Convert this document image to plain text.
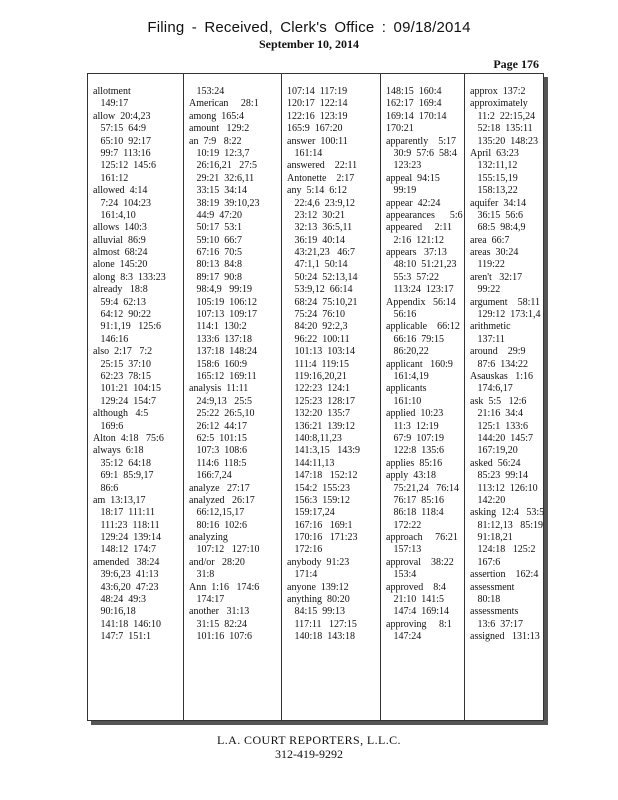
Filing - Received, Clerk's Office : 09/18/2014
September 10, 2014
Page 176
allotment
149:17
allow  20:4,23
57:15  64:9
65:10  92:17
99:7  113:16
125:12  145:6
161:12
allowed  4:14
7:24  104:23
161:4,10
allows  140:3
alluvial  86:9
almost  68:24
alone  145:20
along  8:3  133:23
already   18:8
59:4  62:13
64:12  90:22
91:1,19   125:6
146:16
also  2:17   7:2
25:15  37:10
62:23  78:15
101:21  104:15
129:24  154:7
although   4:5
169:6
Alton  4:18   75:6
always  6:18
35:12  64:18
69:1  85:9,17
86:6
am  13:13,17
18:17  111:11
111:23  118:11
129:24  139:14
148:12  174:7
amended   38:24
39:6,23  41:13
43:6,20  47:23
48:24  49:3
90:16,18
141:18  146:10
147:7  151:1
153:24
American     28:1
among  165:4
amount   129:2
an  7:9   8:22
10:19  12:3,7
26:16,21   27:5
29:21  32:6,11
33:15  34:14
38:19  39:10,23
44:9  47:20
50:17  53:1
59:10  66:7
67:16  70:5
80:13  84:8
89:17  90:8
98:4,9   99:19
105:19  106:12
107:13  109:17
114:1  130:2
133:6  137:18
137:18  148:24
158:6  160:9
165:12  169:11
analysis  11:11
24:9,13   25:5
25:22  26:5,10
26:12  44:17
62:5  101:15
107:3  108:6
114:6  118:5
166:7,24
analyze   27:17
analyzed   26:17
66:12,15,17
80:16  102:6
analyzing
107:12   127:10
and/or   28:20
31:8
Ann  1:16   174:6
174:17
another   31:13
31:15  82:24
101:16  107:6
107:14  117:19
120:17  122:14
122:16  123:19
165:9  167:20
answer  100:11
161:14
answered    22:11
Antonette    2:17
any  5:14  6:12
22:4,6  23:9,12
23:12  30:21
32:13  36:5,11
36:19  40:14
43:21,23   46:7
47:1,1  50:14
50:24  52:13,14
53:9,12  66:14
68:24  75:10,21
75:24  76:10
84:20  92:2,3
96:22  100:11
101:13  103:14
111:4  119:15
119:16,20,21
122:23  124:1
125:23  128:17
132:20  135:7
136:21  139:12
140:8,11,23
141:3,15   143:9
144:11,13
147:18   152:12
154:2  155:23
156:3  159:12
159:17,24
167:16   169:1
170:16   171:23
172:16
anybody  91:23
171:4
anyone  139:12
anything  80:20
84:15  99:13
117:11   127:15
140:18  143:18
148:15  160:4
162:17  169:4
169:14  170:14
170:21
apparently    5:17
30:9  57:6  58:4
123:23
appeal  94:15
99:19
appear  42:24
appearances      5:6
appeared     2:11
2:16  121:12
appears   37:13
48:10  51:21,23
55:3  57:22
113:24  123:17
Appendix   56:14
56:16
applicable    66:12
66:16  79:15
86:20,22
applicant   160:9
161:4,19
applicants
161:10
applied  10:23
11:3  12:19
67:9  107:19
122:8  135:6
applies  85:16
apply  43:18
75:21,24   76:14
76:17  85:16
86:18  118:4
172:22
approach     76:21
157:13
approval    38:22
153:4
approved    8:4
21:10  141:5
147:4  169:14
approving     8:1
147:24
approx  137:2
approximately
11:2  22:15,24
52:18  135:11
135:20  148:23
April  63:23
132:11,12
155:15,19
158:13,22
aquifer  34:14
36:15  56:6
68:5  98:4,9
area  66:7
areas  30:24
119:22
aren't   32:17
99:22
argument    58:11
129:12  173:1,4
arithmetic
137:11
around    29:9
87:6  134:22
Asauskas   1:16
174:6,17
ask  5:5   12:6
21:16  34:4
125:1  133:6
144:20  145:7
167:19,20
asked  56:24
85:23  99:14
113:12  126:10
142:20
asking  12:4   53:5
81:12,13   85:19
91:18,21
124:18   125:2
167:6
assertion    162:4
assessment
80:18
assessments
13:6  37:17
assigned   131:13
L.A. COURT REPORTERS, L.L.C.
312-419-9292
